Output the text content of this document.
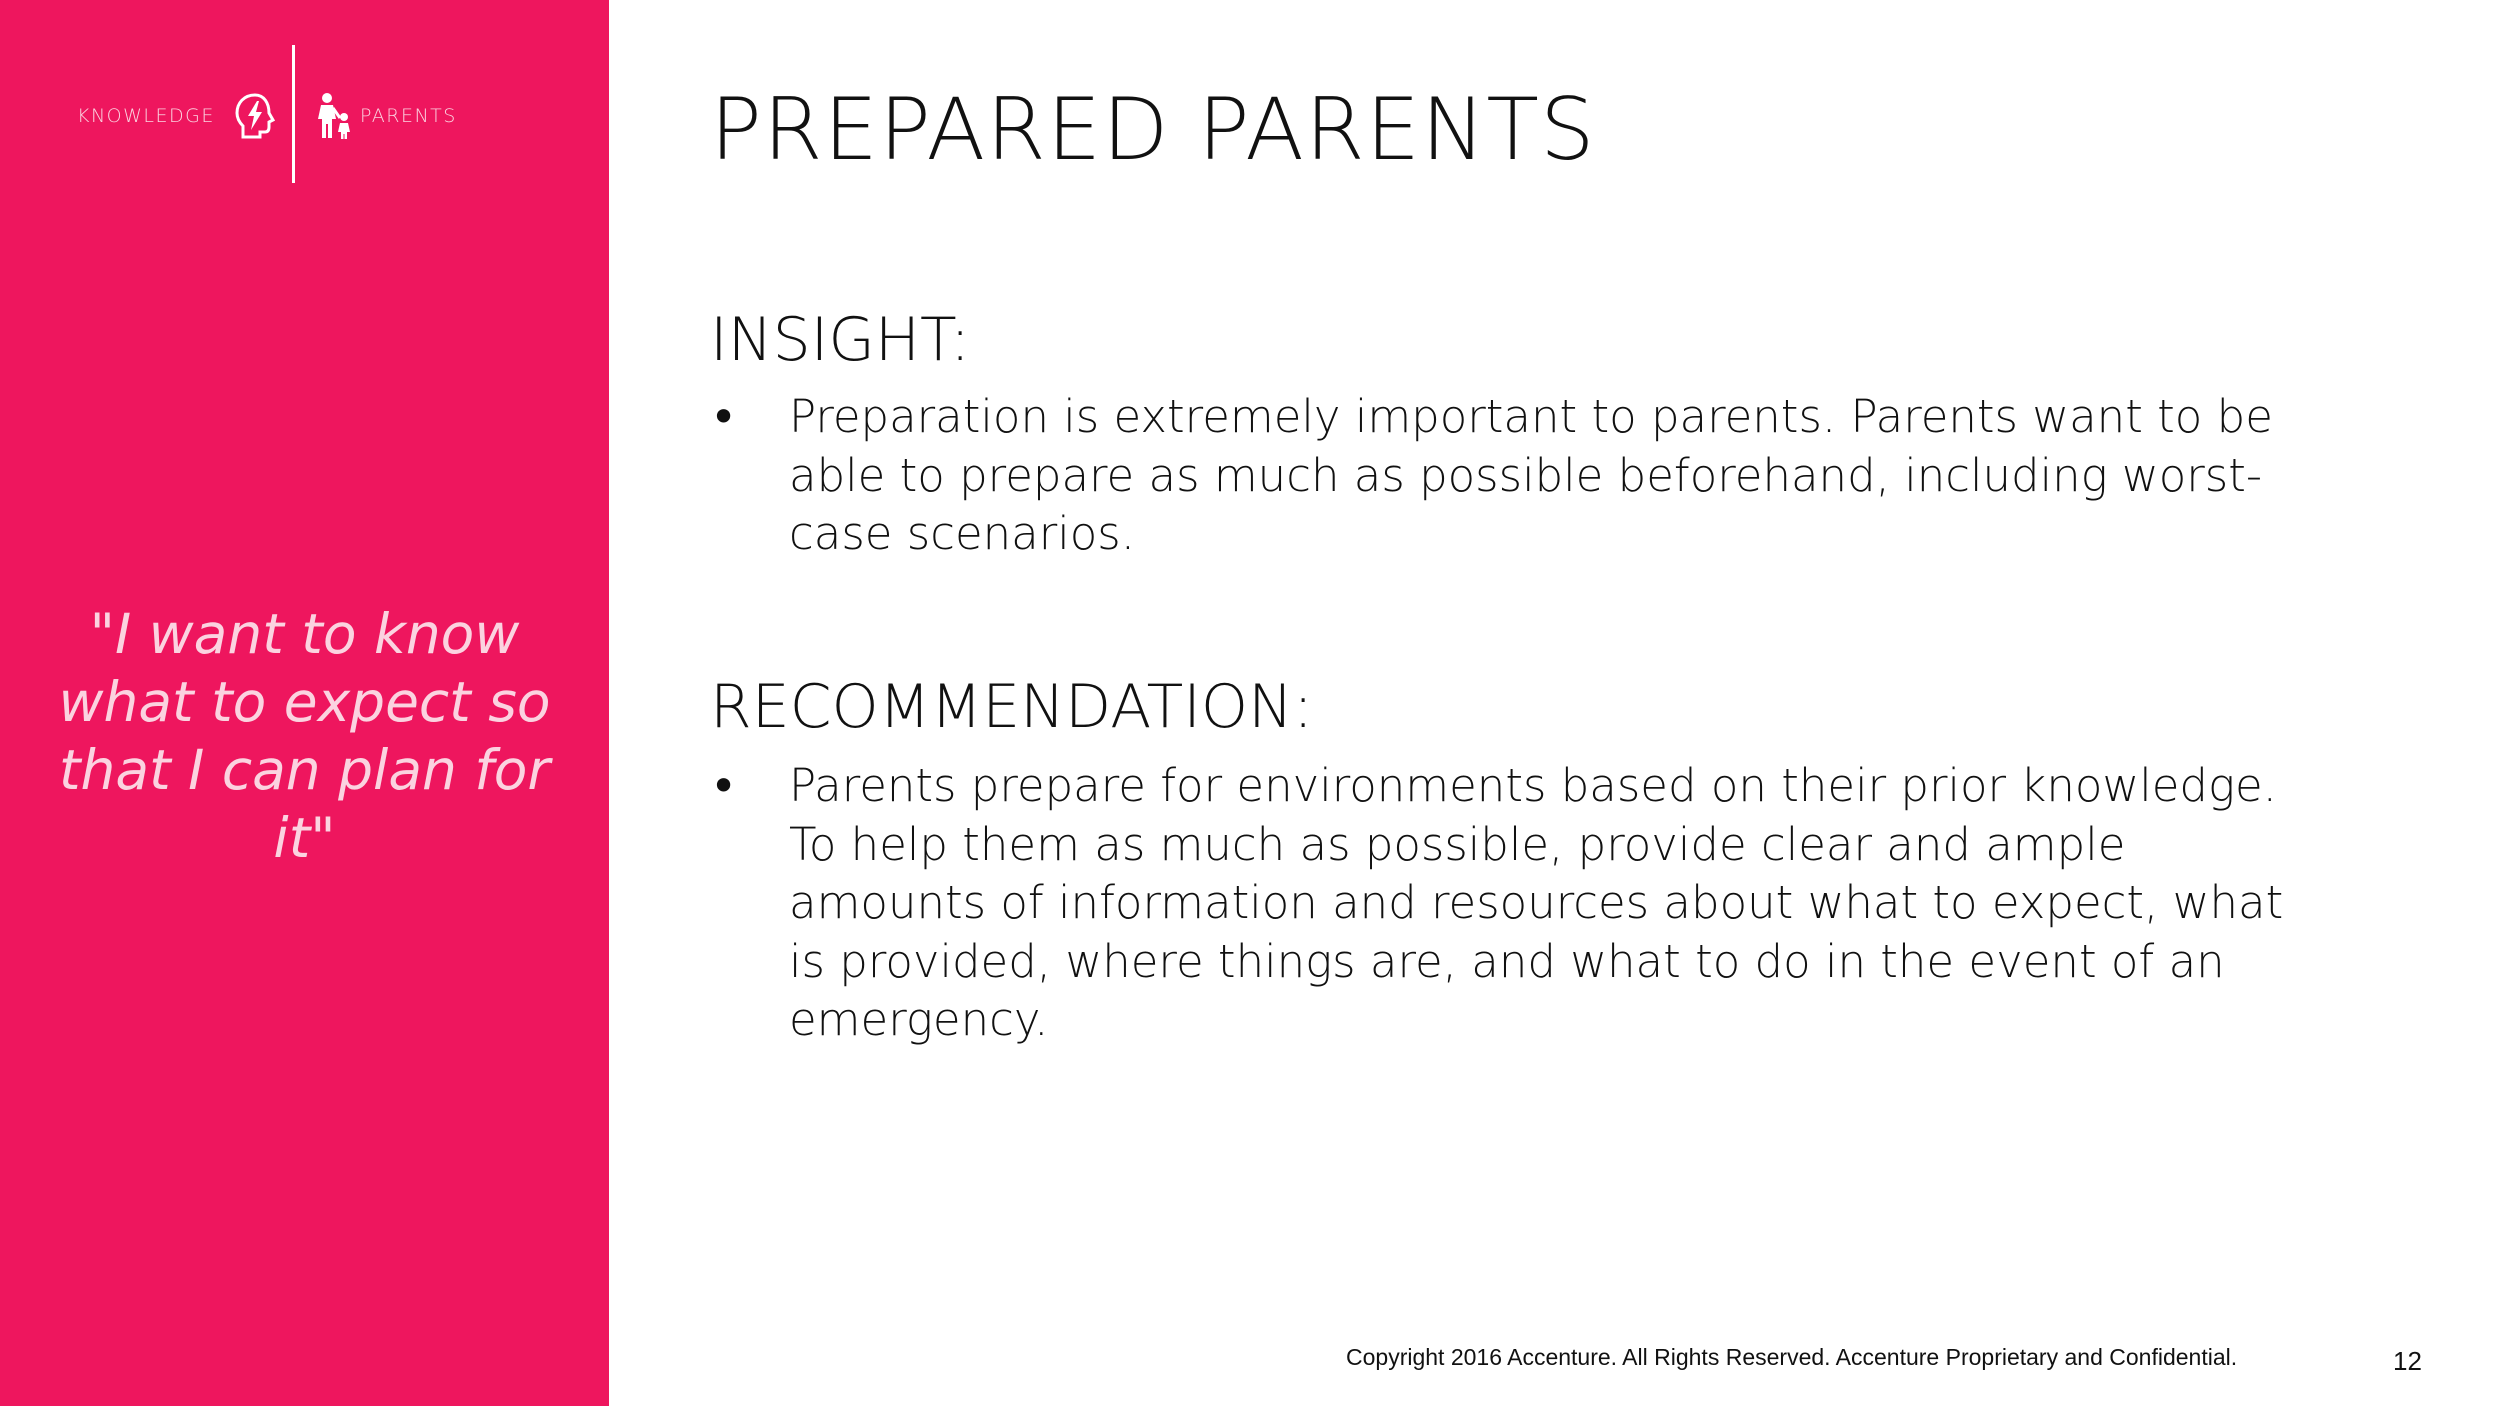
KNOWLEDGE	PARENTS
"I want to know
what to expect so
that I can plan for it"
PREPARED PARENTS
INSIGHT:
• Preparation is extremely important to parents. Parents want to be
able to prepare as much as possible beforehand, including worst-
case scenarios.
RECOMMENDATION:
• Parents prepare for environments based on their prior knowledge.
To help them as much as possible, provide clear and ample
amounts of information and resources about what to expect, what
is provided, where things are, and what to do in the event of an
emergency.
Copyright 2016 Accenture. All Rights Reserved. Accenture Proprietary and Confidential.	12
